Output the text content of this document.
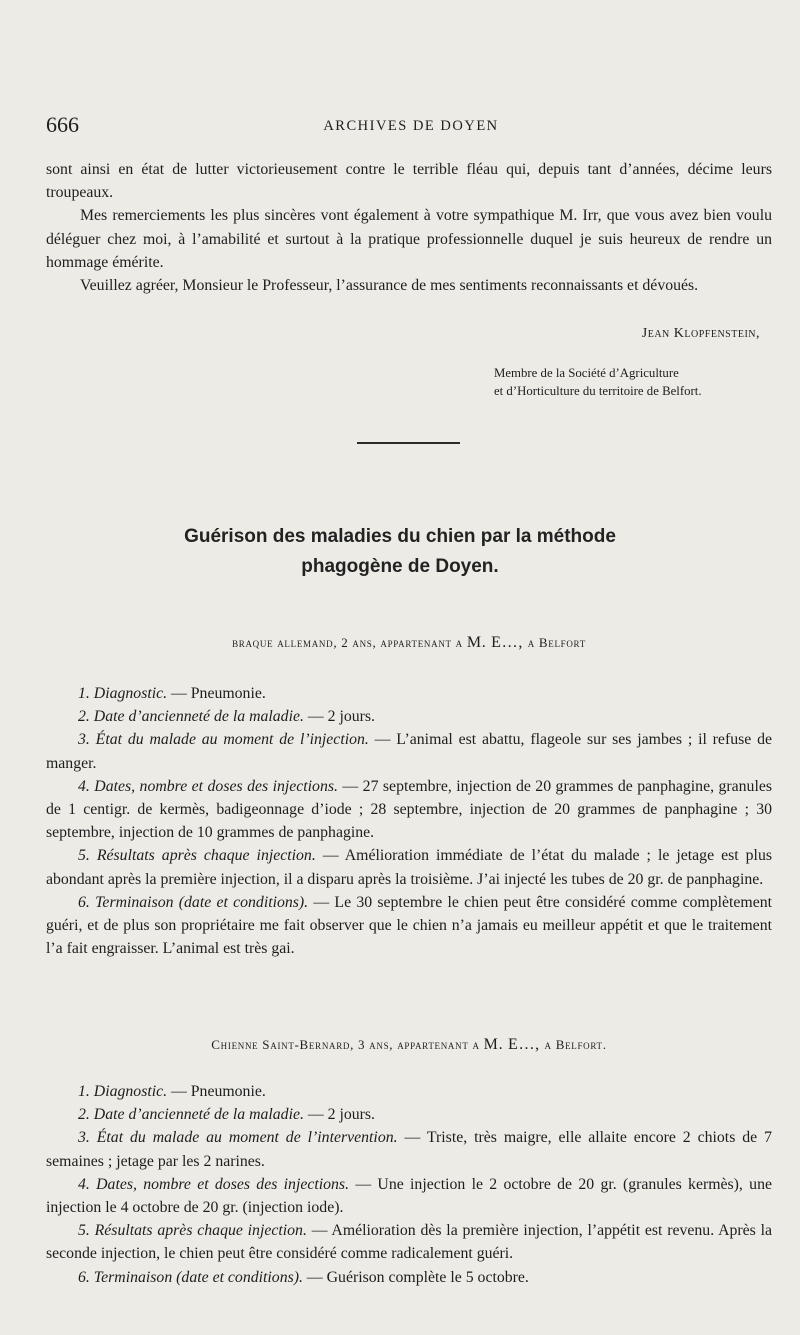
666	ARCHIVES DE DOYEN

sont ainsi en état de lutter victorieusement contre le terrible fléau qui, depuis tant d’années, décime leurs troupeaux.

Mes remerciements les plus sincères vont également à votre sympathique M. Irr, que vous avez bien voulu déléguer chez moi, à l’amabilité et surtout à la pratique professionnelle duquel je suis heureux de rendre un hommage émérite.

Veuillez agréer, Monsieur le Professeur, l’assurance de mes sentiments reconnaissants et dévoués.

Jean Klopfenstein,
Membre de la Société d’Agriculture
et d’Horticulture du territoire de Belfort.
Guérison des maladies du chien par la méthode
phagogène de Doyen.
braque allemand, 2 ans, appartenant a M. E…, a Belfort

1. Diagnostic. — Pneumonie.

2. Date d’ancienneté de la maladie. — 2 jours.

3. État du malade au moment de l’injection. — L’animal est abattu, flageole sur ses jambes ; il refuse de manger.

4. Dates, nombre et doses des injections. — 27 septembre, injection de 20 grammes de panphagine, granules de 1 centigr. de kermès, badigeonnage d’iode ; 28 septembre, injection de 20 grammes de panphagine ; 30 septembre, injection de 10 grammes de panphagine.

5. Résultats après chaque injection. — Amélioration immédiate de l’état du malade ; le jetage est plus abondant après la première injection, il a disparu après la troisième. J’ai injecté les tubes de 20 gr. de panphagine.

6. Terminaison (date et conditions). — Le 30 septembre le chien peut être considéré comme complètement guéri, et de plus son propriétaire me fait observer que le chien n’a jamais eu meilleur appétit et que le traitement l’a fait engraisser. L’animal est très gai.

Chienne Saint-Bernard, 3 ans, appartenant a M. E…, a Belfort.

1. Diagnostic. — Pneumonie.

2. Date d’ancienneté de la maladie. — 2 jours.

3. État du malade au moment de l’intervention. — Triste, très maigre, elle allaite encore 2 chiots de 7 semaines ; jetage par les 2 narines.

4. Dates, nombre et doses des injections. — Une injection le 2 octobre de 20 gr. (granules kermès), une injection le 4 octobre de 20 gr. (injection iode).

5. Résultats après chaque injection. — Amélioration dès la première injection, l’appétit est revenu. Après la seconde injection, le chien peut être considéré comme radicalement guéri.

6. Terminaison (date et conditions). — Guérison complète le 5 octobre.
